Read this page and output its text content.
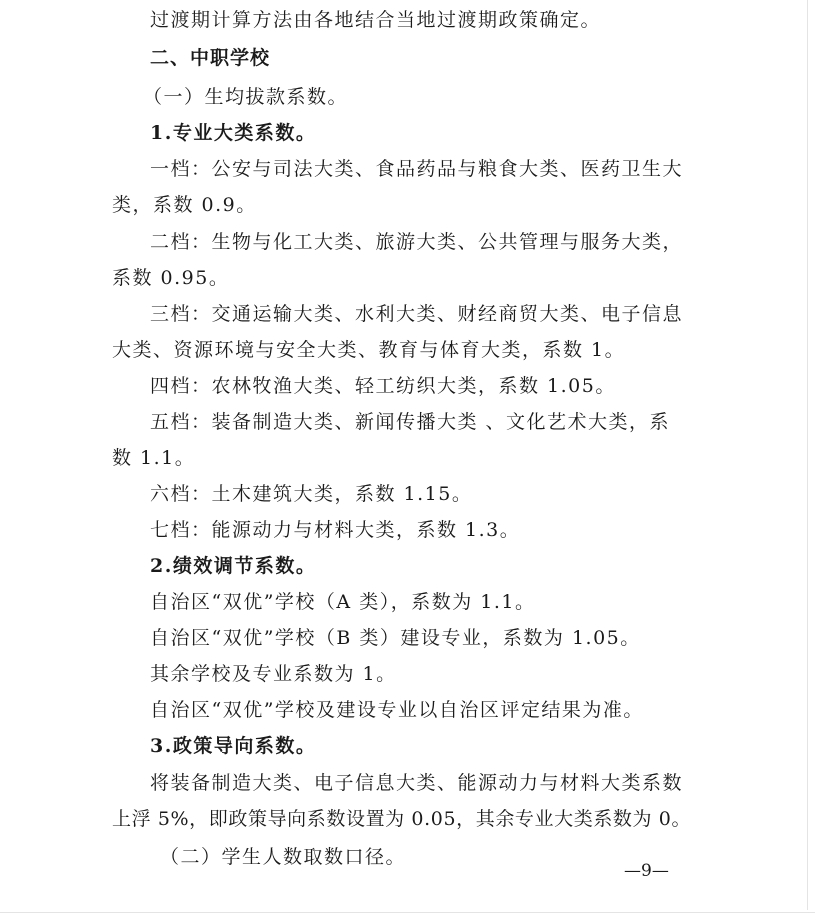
过渡期计算方法由各地结合当地过渡期政策确定。
二、中职学校
（一）生均拔款系数。
1.专业大类系数。
一档：公安与司法大类、食品药品与粮食大类、医药卫生大
类，系数 0.9。
二档：生物与化工大类、旅游大类、公共管理与服务大类，
系数 0.95。
三档：交通运输大类、水利大类、财经商贸大类、电子信息
大类、资源环境与安全大类、教育与体育大类，系数 1。
四档：农林牧渔大类、轻工纺织大类，系数 1.05。
五档：装备制造大类、新闻传播大类 、文化艺术大类，系
数 1.1。
六档：土木建筑大类，系数 1.15。
七档：能源动力与材料大类，系数 1.3。
2.绩效调节系数。
自治区“双优”学校（A 类），系数为 1.1。
自治区“双优”学校（B 类）建设专业，系数为 1.05。
其余学校及专业系数为 1。
自治区“双优”学校及建设专业以自治区评定结果为准。
3.政策导向系数。
将装备制造大类、电子信息大类、能源动力与材料大类系数
上浮 5%，即政策导向系数设置为 0.05，其余专业大类系数为 0。
（二）学生人数取数口径。
—9—
